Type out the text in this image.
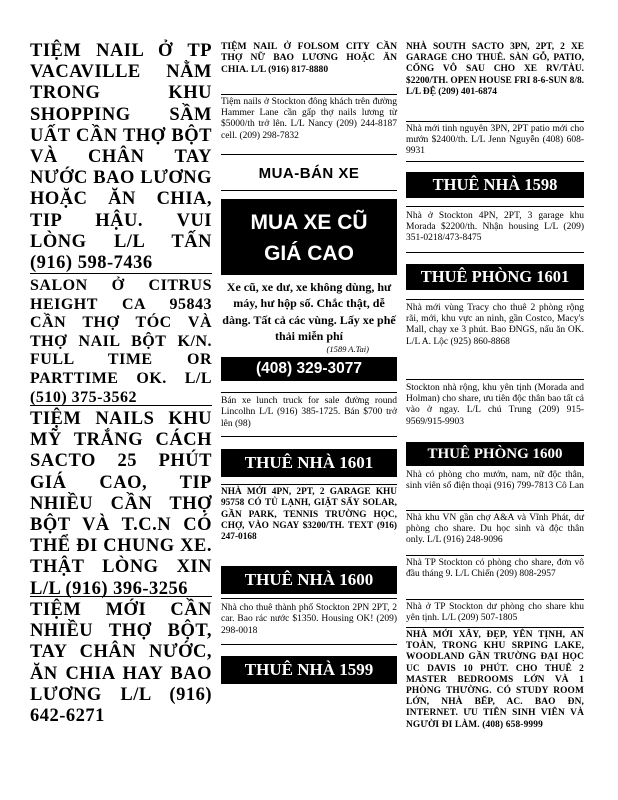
TIỆM NAIL Ở TP VACAVILLE NẰM TRONG KHU SHOPPING SẦM UẤT CẦN THỢ BỘT VÀ CHÂN TAY NƯỚC BAO LƯƠNG HOẶC ĂN CHIA, TIP HẬU. VUI LÒNG L/L TẤN (916) 598-7436
SALON Ở CITRUS HEIGHT CA 95843 CẦN THỢ TÓC VÀ THỢ NAIL BỘT K/N. FULL TIME OR PARTTIME OK. L/L (510) 375-3562
TIỆM NAILS KHU MỸ TRẮNG CÁCH SACTO 25 PHÚT GIÁ CAO, TIP NHIỀU CẦN THỢ BỘT VÀ T.C.N CÓ THỂ ĐI CHUNG XE. THẬT LÒNG XIN L/L (916) 396-3256
TIỆM MỚI CẦN NHIỀU THỢ BỘT, TAY CHÂN NƯỚC, ĂN CHIA HAY BAO LƯƠNG L/L (916) 642-6271
TIỆM NAIL Ở FOLSOM CITY CẦN THỢ NỮ BAO LƯƠNG HOẶC ĂN CHIA. L/L (916) 817-8880
Tiệm nails ở Stockton đông khách trên đường Hammer Lane cần gấp thợ nails lương từ $5000/th trở lên. L/L Nancy (209) 244-8187 cell. (209) 298-7832
MUA-BÁN XE
MUA XE CŨ
GIÁ CAO
Xe cũ, xe dư, xe không dùng, hư máy, hư hộp số. Chắc thật, dễ dàng. Tất cả các vùng. Lấy xe phế thải miễn phí
(1589 A.Tai)
(408) 329-3077
Bán xe lunch truck for sale đường round Lincolhn L/L (916) 385-1725. Bán $700 trở lên (98)
THUÊ NHÀ 1601
NHÀ MỚI 4PN, 2PT, 2 GARAGE KHU 95758 CÓ TỦ LẠNH, GIẶT SẤY SOLAR, GẦN PARK, TENNIS TRƯỜNG HỌC, CHỢ, VÀO NGAY $3200/TH. TEXT (916) 247-0168
THUÊ NHÀ 1600
Nhà cho thuê thành phố Stockton 2PN 2PT, 2 car. Bao rác nước $1350. Housing OK! (209) 298-0018
THUÊ NHÀ 1599
NHÀ SOUTH SACTO 3PN, 2PT, 2 XE GARAGE CHO THUÊ. SÀN GỖ, PATIO, CỔNG VÔ SAU CHO XE RV/TÀU. $2200/TH. OPEN HOUSE FRI 8-6-SUN 8/8. L/L ĐỆ (209) 401-6874
Nhà mới tinh nguyên 3PN, 2PT patio mới cho mướn $2400/th. L/L Jenn Nguyễn (408) 608-9931
THUÊ NHÀ 1598
Nhà ở Stockton 4PN, 2PT, 3 garage khu Morada $2200/th. Nhận housing L/L (209) 351-0218/473-8475
THUÊ PHÒNG 1601
Nhà mới vùng Tracy cho thuê 2 phòng rộng rãi, mới, khu vực an ninh, gần Costco, Macy's Mall, chạy xe 3 phút. Bao ĐNGS, nấu ăn OK. L/L A. Lộc (925) 860-8868
Stockton nhà rộng, khu yên tịnh (Morada and Holman) cho share, ưu tiên độc thân bao tất cả vào ở ngay. L/L chú Trung (209) 915-9569/915-9903
THUÊ PHÒNG 1600
Nhà có phòng cho mướn, nam, nữ độc thân, sinh viên số điện thoại (916) 799-7813 Cô Lan
Nhà khu VN gần chợ A&A và Vĩnh Phát, dư phòng cho share. Du học sinh và độc thân only. L/L (916) 248-9096
Nhà TP Stockton có phòng cho share, đơn vô đầu tháng 9. L/L Chiến (209) 808-2957
Nhà ở TP Stockton dư phòng cho share khu yên tịnh. L/L (209) 507-1805
NHÀ MỚI XÂY, ĐẸP, YÊN TỊNH, AN TOÀN, TRONG KHU SRPING LAKE, WOODLAND GẦN TRƯỜNG ĐẠI HỌC UC DAVIS 10 PHÚT. CHO THUÊ 2 MASTER BEDROOMS LỚN VÀ 1 PHÒNG THƯỜNG. CÓ STUDY ROOM LỚN, NHÀ BẾP, AC. BAO ĐN, INTERNET. ƯU TIÊN SINH VIÊN VÀ NGƯỜI ĐI LÀM. (408) 658-9999
